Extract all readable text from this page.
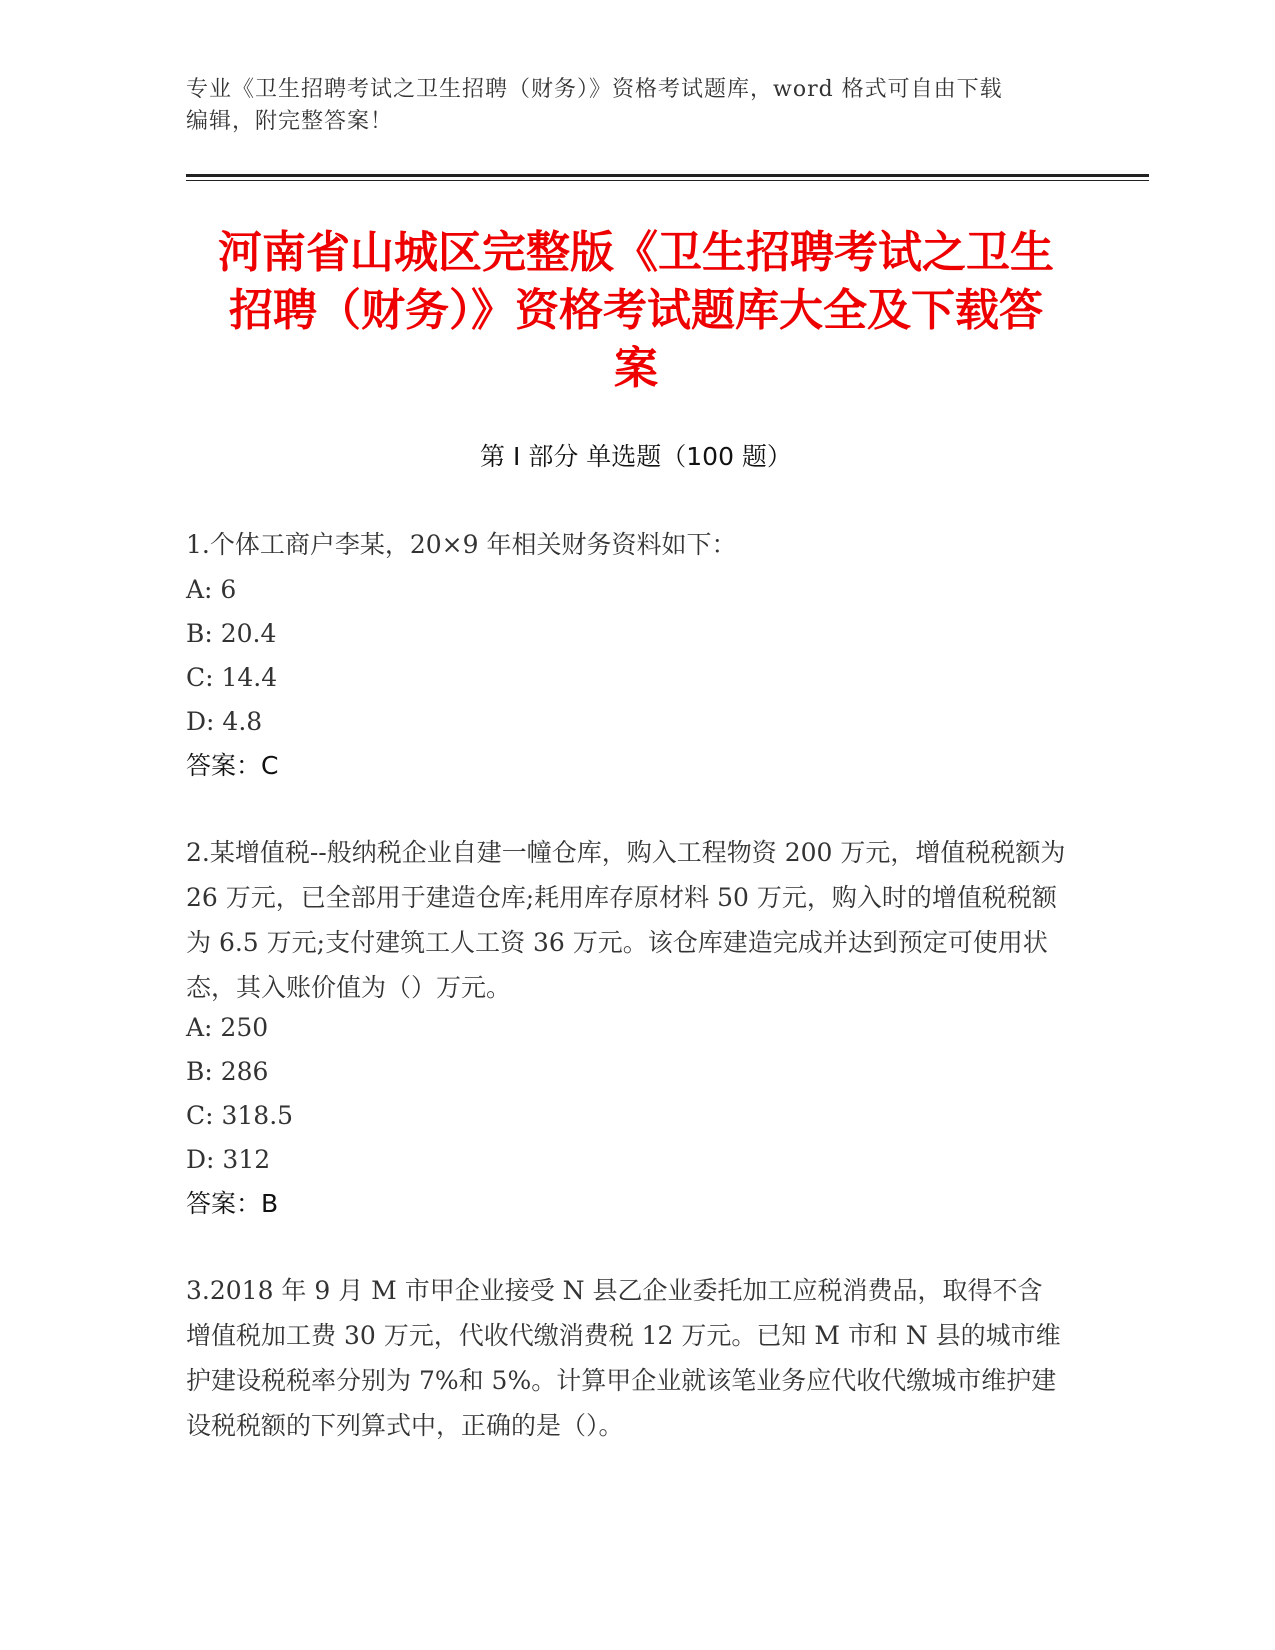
专业《卫生招聘考试之卫生招聘（财务）》资格考试题库，word 格式可自由下载
编辑，附完整答案！
河南省山城区完整版《卫生招聘考试之卫生
招聘（财务）》资格考试题库大全及下载答
案
第 I 部分 单选题（100 题）
1.个体工商户李某，20×9 年相关财务资料如下：
A: 6
B: 20.4
C: 14.4
D: 4.8
答案：C
2.某增值税--般纳税企业自建一幢仓库，购入工程物资 200 万元，增值税税额为 26 万元，已全部用于建造仓库;耗用库存原材料 50 万元，购入时的增值税税额为 6.5 万元;支付建筑工人工资 36 万元。该仓库建造完成并达到预定可使用状态，其入账价值为（）万元。
A: 250
B: 286
C: 318.5
D: 312
答案：B
3.2018 年 9 月 M 市甲企业接受 N 县乙企业委托加工应税消费品，取得不含增值税加工费 30 万元，代收代缴消费税 12 万元。已知 M 市和 N 县的城市维护建设税税率分别为 7%和 5%。计算甲企业就该笔业务应代收代缴城市维护建设税税额的下列算式中，正确的是（）。
